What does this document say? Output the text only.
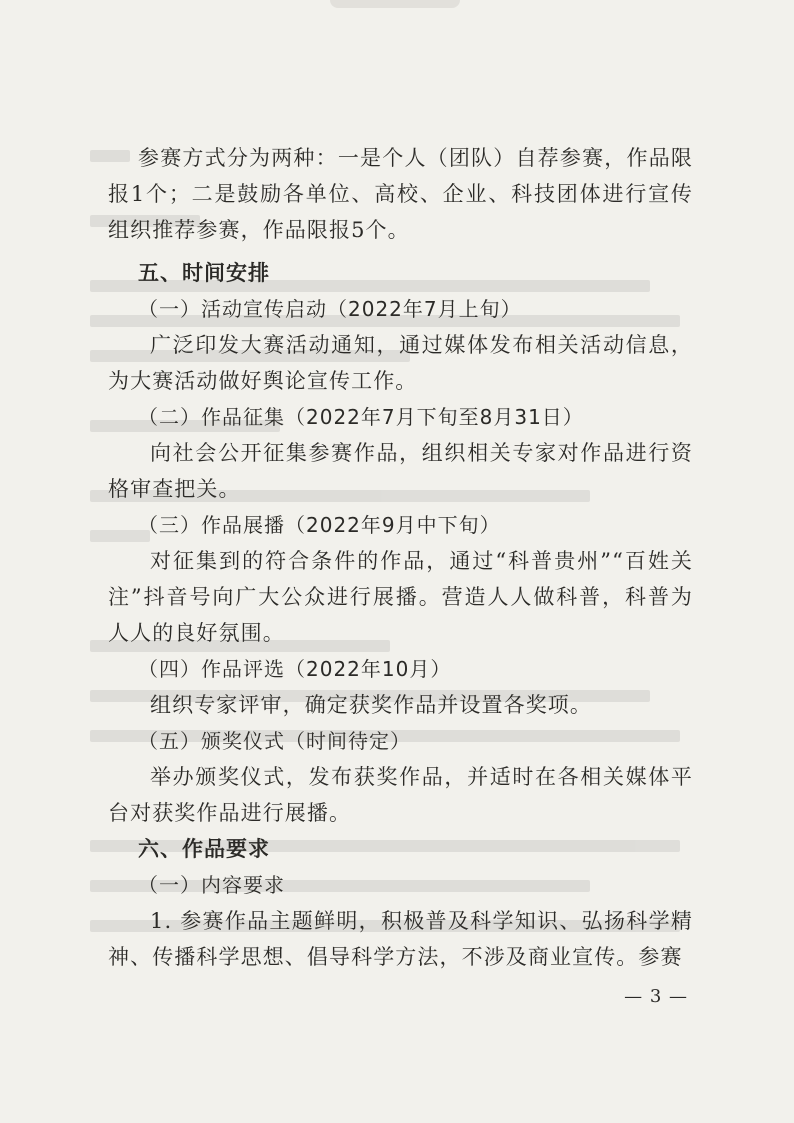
参赛方式分为两种：一是个人（团队）自荐参赛，作品限报1个；二是鼓励各单位、高校、企业、科技团体进行宣传组织推荐参赛，作品限报5个。

五、时间安排

（一）活动宣传启动（2022年7月上旬）

广泛印发大赛活动通知，通过媒体发布相关活动信息，为大赛活动做好舆论宣传工作。

（二）作品征集（2022年7月下旬至8月31日）

向社会公开征集参赛作品，组织相关专家对作品进行资格审查把关。

（三）作品展播（2022年9月中下旬）

对征集到的符合条件的作品，通过“科普贵州”“百姓关注”抖音号向广大公众进行展播。营造人人做科普，科普为人人的良好氛围。

（四）作品评选（2022年10月）

组织专家评审，确定获奖作品并设置各奖项。

（五）颁奖仪式（时间待定）

举办颁奖仪式，发布获奖作品，并适时在各相关媒体平台对获奖作品进行展播。

六、作品要求

（一）内容要求

1. 参赛作品主题鲜明，积极普及科学知识、弘扬科学精神、传播科学思想、倡导科学方法，不涉及商业宣传。参赛

— 3 —
